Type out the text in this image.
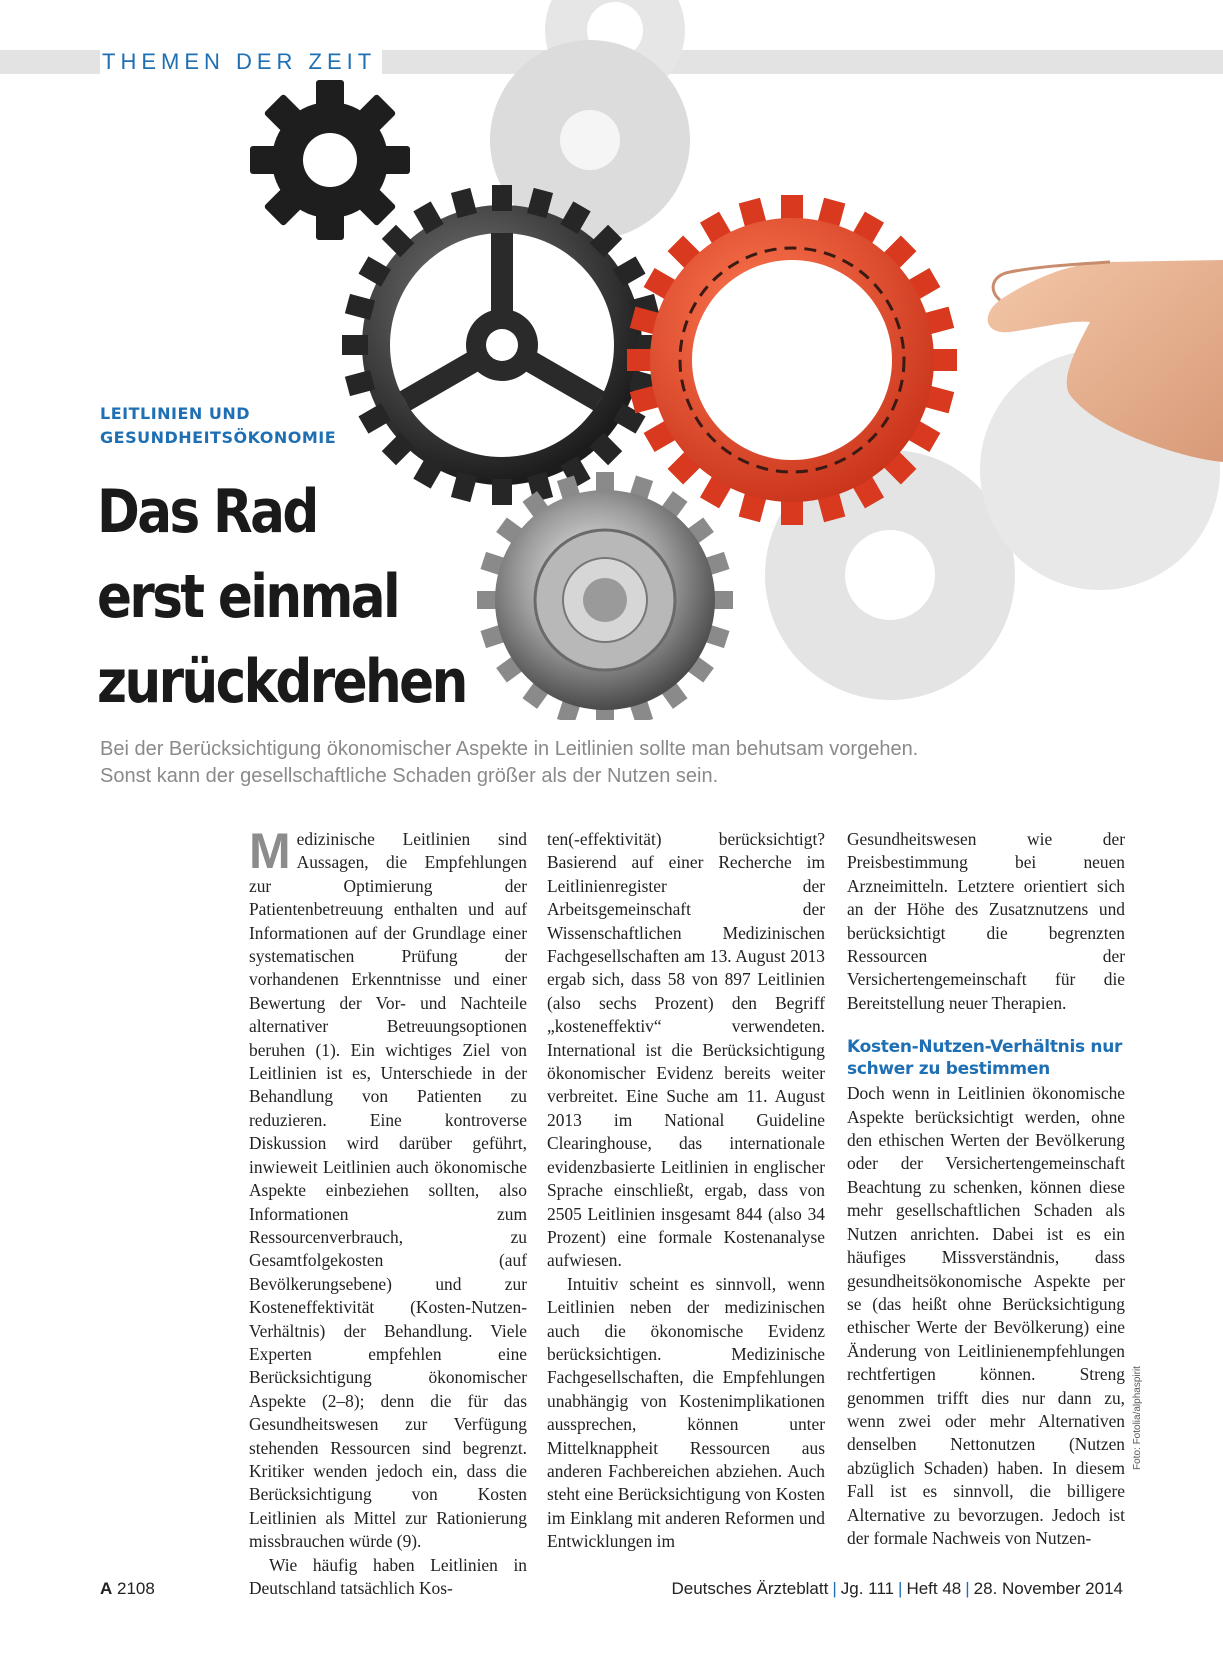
THEMEN DER ZEIT
LEITLINIEN UND
GESUNDHEITSÖKONOMIE
Das Rad
erst einmal
zurückdrehen
Bei der Berücksichtigung ökonomischer Aspekte in Leitlinien sollte man behutsam vorgehen.
Sonst kann der gesellschaftliche Schaden größer als der Nutzen sein.

Medizinische Leitlinien sind Aussagen, die Empfehlungen zur Optimierung der Patientenbetreuung enthalten und auf Informationen auf der Grundlage einer systematischen Prüfung der vorhandenen Erkenntnisse und einer Bewertung der Vor- und Nachteile alternativer Betreuungsoptionen beruhen (1). Ein wichtiges Ziel von Leitlinien ist es, Unterschiede in der Behandlung von Patienten zu reduzieren. Eine kontroverse Diskussion wird darüber geführt, inwieweit Leitlinien auch ökonomische Aspekte einbeziehen sollten, also Informationen zum Ressourcenverbrauch, zu Gesamtfolgekosten (auf Bevölkerungsebene) und zur Kosteneffektivität (Kosten-Nutzen-Verhältnis) der Behandlung. Viele Experten empfehlen eine Berücksichtigung ökonomischer Aspekte (2–8); denn die für das Gesundheitswesen zur Verfügung stehenden Ressourcen sind begrenzt. Kritiker wenden jedoch ein, dass die Berücksichtigung von Kosten Leitlinien als Mittel zur Rationierung missbrauchen würde (9).

Wie häufig haben Leitlinien in Deutschland tatsächlich Kos-

ten(-effektivität) berücksichtigt? Basierend auf einer Recherche im Leitlinienregister der Arbeitsgemeinschaft der Wissenschaftlichen Medizinischen Fachgesellschaften am 13. August 2013 ergab sich, dass 58 von 897 Leitlinien (also sechs Prozent) den Begriff „kosteneffektiv“ verwendeten. International ist die Berücksichtigung ökonomischer Evidenz bereits weiter verbreitet. Eine Suche am 11. August 2013 im National Guideline Clearinghouse, das internationale evidenzbasierte Leitlinien in englischer Sprache einschließt, ergab, dass von 2505 Leitlinien insgesamt 844 (also 34 Prozent) eine formale Kostenanalyse aufwiesen.

Intuitiv scheint es sinnvoll, wenn Leitlinien neben der medizinischen auch die ökonomische Evidenz berücksichtigen. Medizinische Fachgesellschaften, die Empfehlungen unabhängig von Kostenimplikationen aussprechen, können unter Mittelknappheit Ressourcen aus anderen Fachbereichen abziehen. Auch steht eine Berücksichtigung von Kosten im Einklang mit anderen Reformen und Entwicklungen im

Gesundheitswesen wie der Preisbestimmung bei neuen Arzneimitteln. Letztere orientiert sich an der Höhe des Zusatznutzens und berücksichtigt die begrenzten Ressourcen der Versichertengemeinschaft für die Bereitstellung neuer Therapien.

Kosten-Nutzen-Verhältnis nur schwer zu bestimmen

Doch wenn in Leitlinien ökonomische Aspekte berücksichtigt werden, ohne den ethischen Werten der Bevölkerung oder der Versichertengemeinschaft Beachtung zu schenken, können diese mehr gesellschaftlichen Schaden als Nutzen anrichten. Dabei ist es ein häufiges Missverständnis, dass gesundheitsökonomische Aspekte per se (das heißt ohne Berücksichtigung ethischer Werte der Bevölkerung) eine Änderung von Leitlinienempfehlungen rechtfertigen können. Streng genommen trifft dies nur dann zu, wenn zwei oder mehr Alternativen denselben Nettonutzen (Nutzen abzüglich Schaden) haben. In diesem Fall ist es sinnvoll, die billigere Alternative zu bevorzugen. Jedoch ist der formale Nachweis von Nutzen-

Foto: Fotolia/alphaspirit
A 2108	Deutsches Ärzteblatt | Jg. 111 | Heft 48 | 28. November 2014
